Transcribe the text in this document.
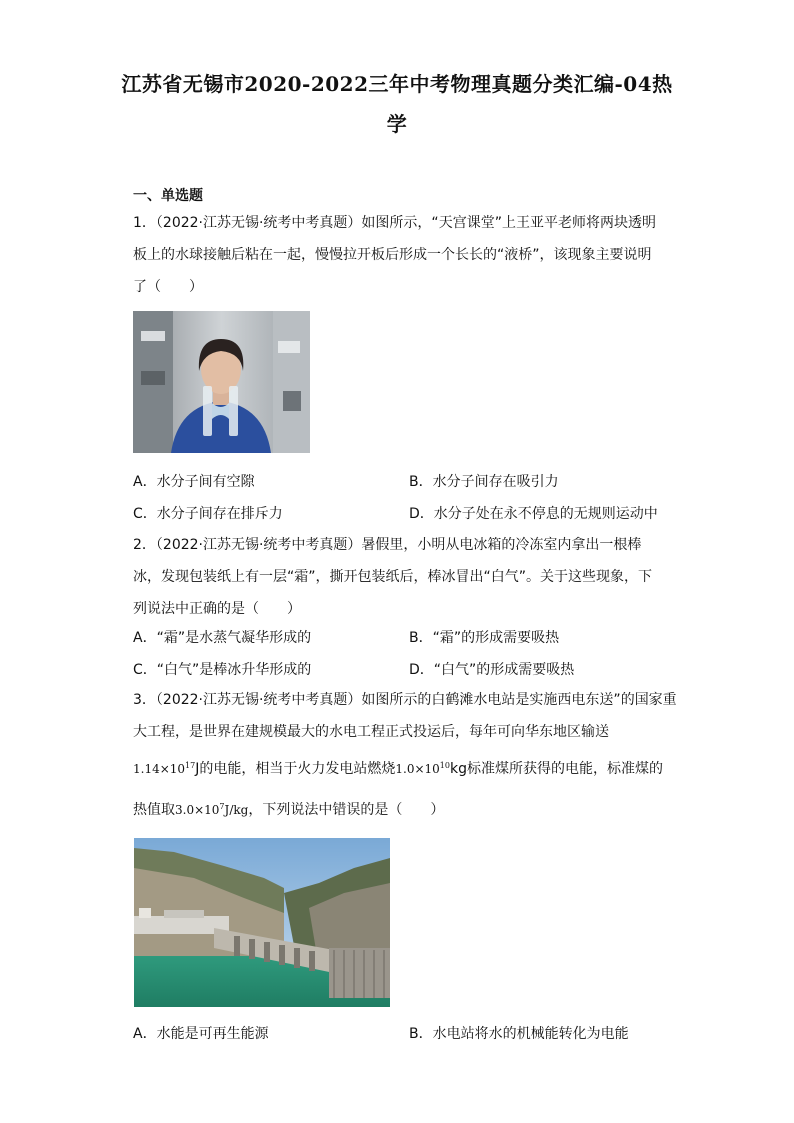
江苏省无锡市2020-2022三年中考物理真题分类汇编-04热
学
一、单选题
1．（2022·江苏无锡·统考中考真题）如图所示，“天宫课堂”上王亚平老师将两块透明板上的水球接触后粘在一起，慢慢拉开板后形成一个长长的“液桥”，该现象主要说明了（　　）
A．水分子间有空隙	B．水分子间存在吸引力
C．水分子间存在排斥力	D．水分子处在永不停息的无规则运动中
2．（2022·江苏无锡·统考中考真题）暑假里，小明从电冰箱的冷冻室内拿出一根棒冰，发现包装纸上有一层“霜”，撕开包装纸后，棒冰冒出“白气”。关于这些现象，下列说法中正确的是（　　）
A．“霜”是水蒸气凝华形成的	B．“霜”的形成需要吸热
C．“白气”是棒冰升华形成的	D．“白气”的形成需要吸热
3．（2022·江苏无锡·统考中考真题）如图所示的白鹤滩水电站是实施西电东送”的国家重
大工程，是世界在建规模最大的水电工程正式投运后，每年可向华东地区输送
$1.14\times 10^{17}J$的电能，相当于火力发电站燃烧$1.0\times 10^{10}kg$标准煤所获得的电能，标准煤的
热值取$3.0\times 10^7J/kg$，下列说法中错误的是（　　）
A．水能是可再生能源	B．水电站将水的机械能转化为电能
